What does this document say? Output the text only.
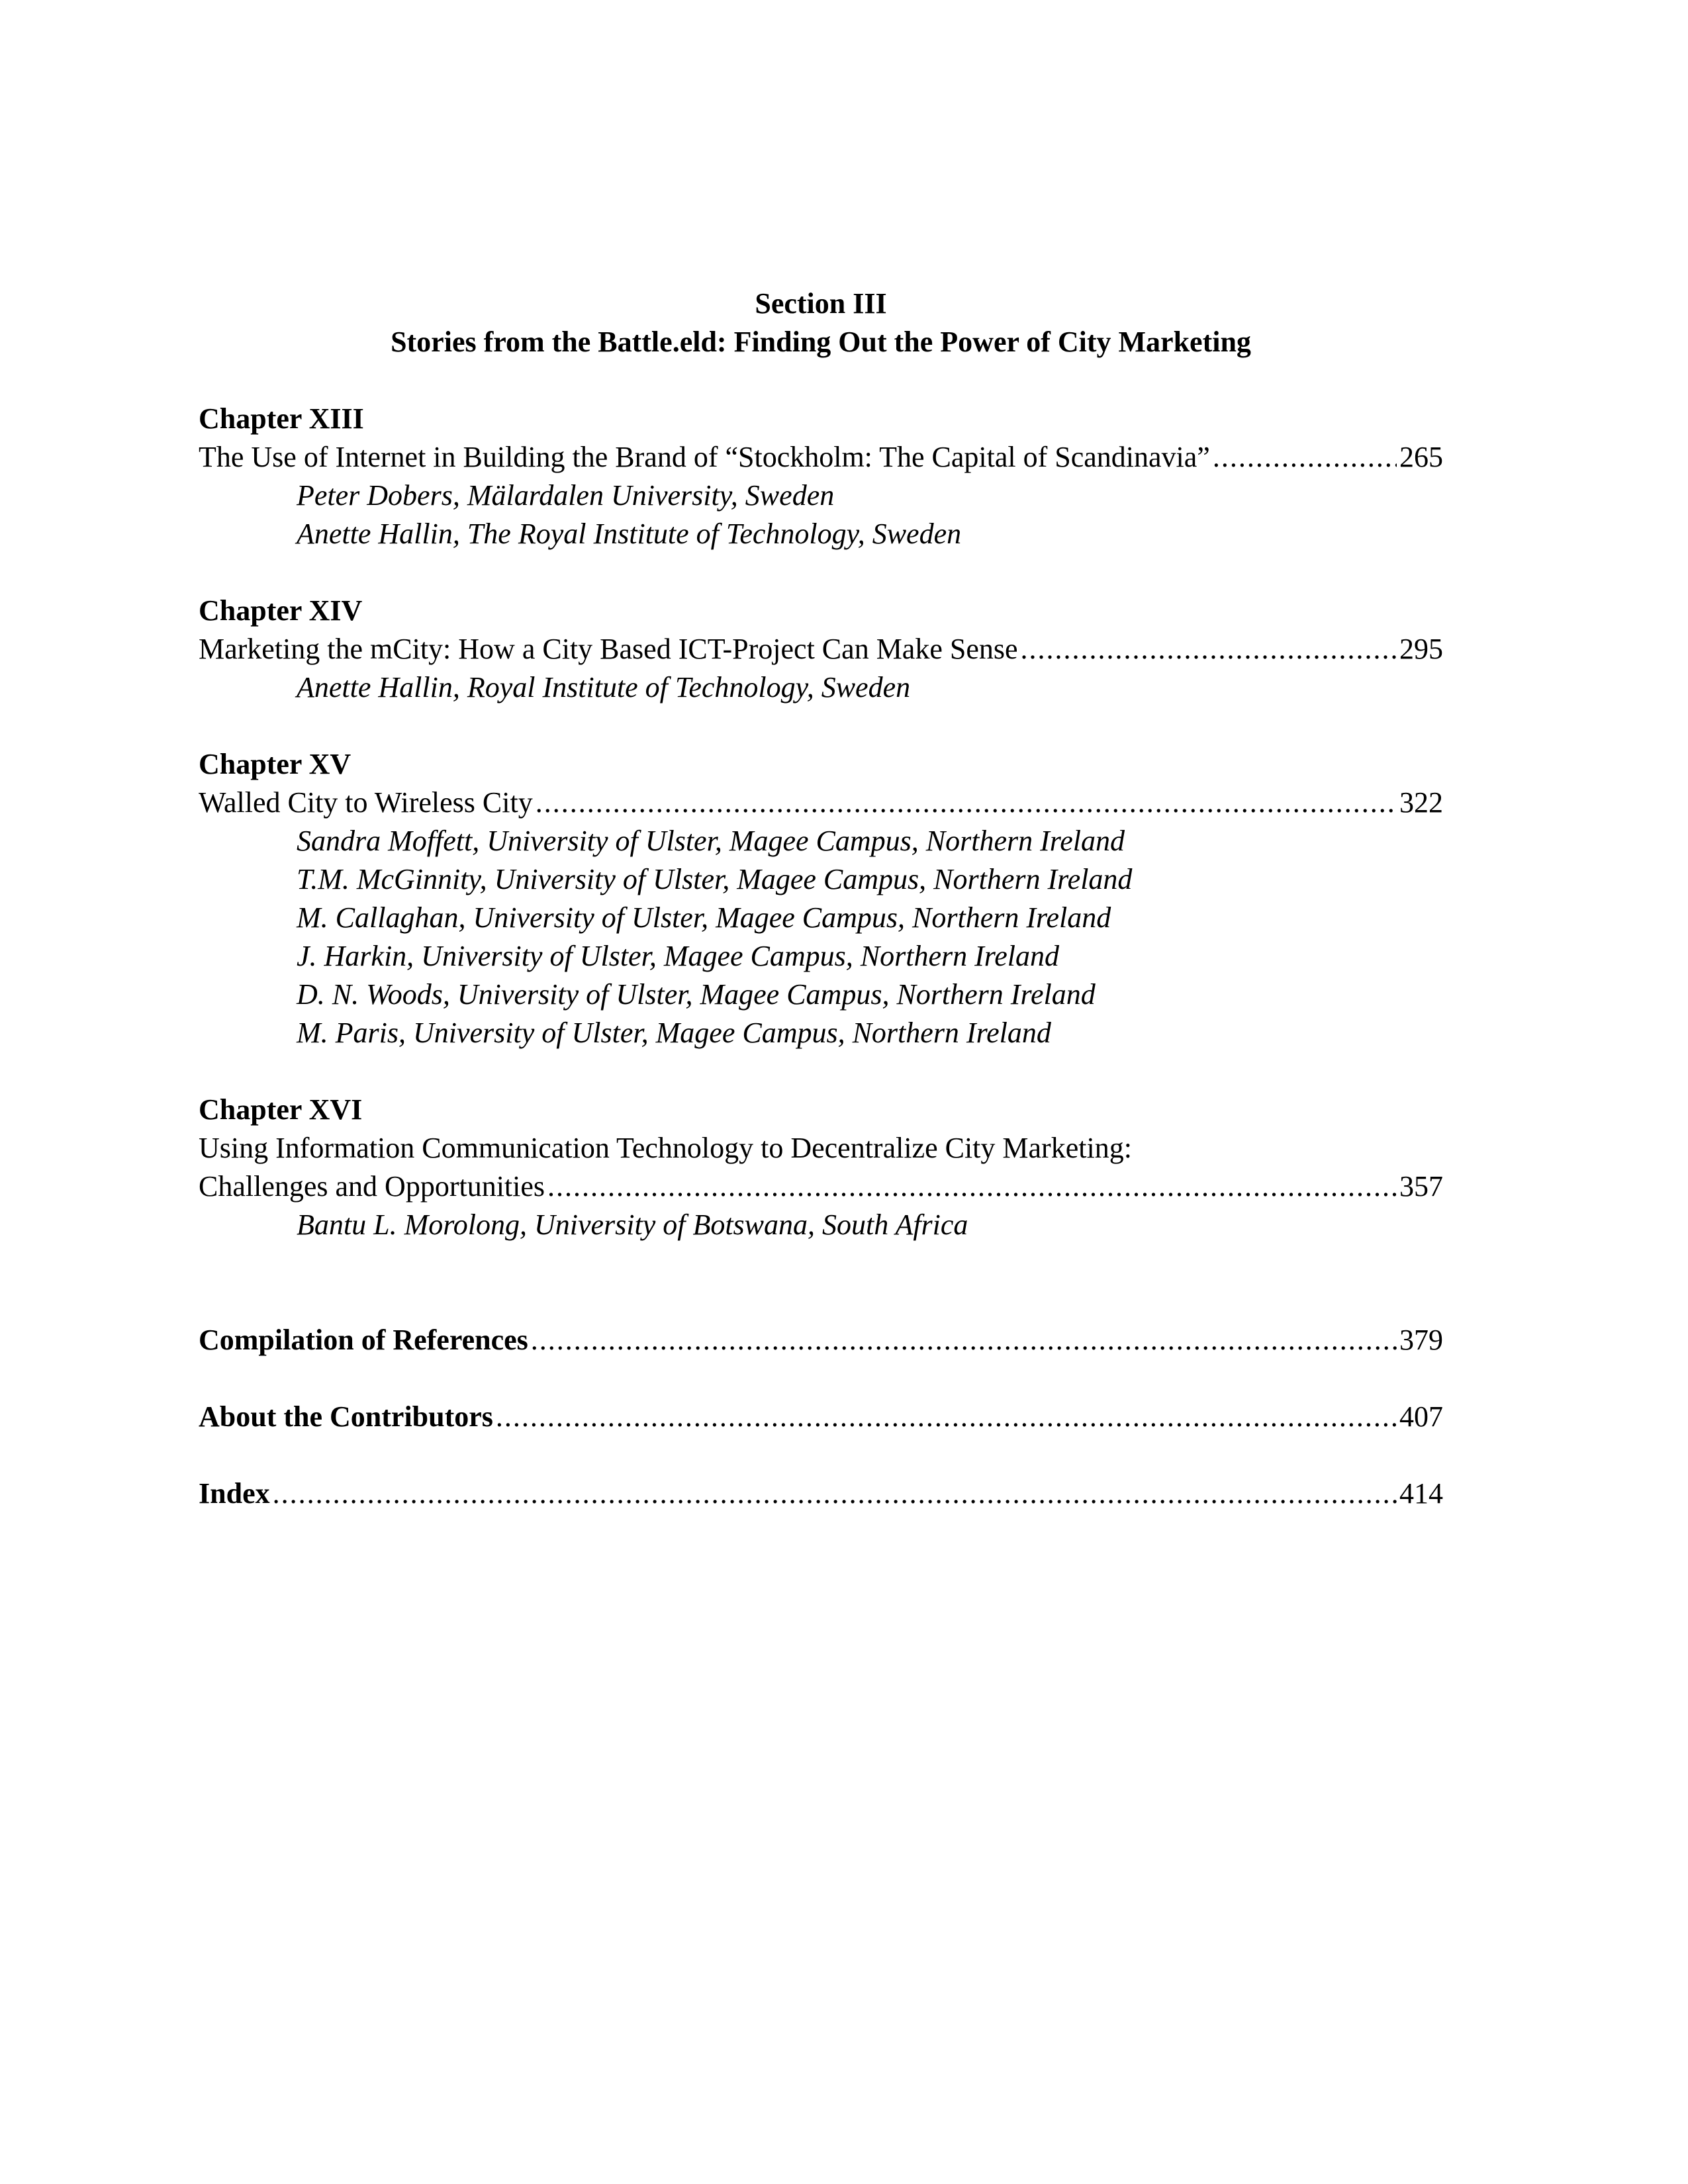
Section III
Stories from the Battle.eld: Finding Out the Power of City Marketing
Chapter XIII
The Use of Internet in Building the Brand of “Stockholm: The Capital of Scandinavia” .....	265
Peter Dobers, Mälardalen University, Sweden
Anette Hallin, The Royal Institute of Technology, Sweden
Chapter XIV
Marketing the mCity: How a City Based ICT-Project Can Make Sense .....	295
Anette Hallin, Royal Institute of Technology, Sweden
Chapter XV
Walled City to Wireless City .....	322
Sandra Moffett, University of Ulster, Magee Campus, Northern Ireland
T.M. McGinnity, University of Ulster, Magee Campus, Northern Ireland
M. Callaghan, University of Ulster, Magee Campus, Northern Ireland
J. Harkin, University of Ulster, Magee Campus, Northern Ireland
D. N. Woods, University of Ulster, Magee Campus, Northern Ireland
M. Paris, University of Ulster, Magee Campus, Northern Ireland
Chapter XVI
Using Information Communication Technology to Decentralize City Marketing:
Challenges and Opportunities .....	357
Bantu L. Morolong, University of Botswana, South Africa
Compilation of References .....	379
About the Contributors .....	407
Index .....	414
